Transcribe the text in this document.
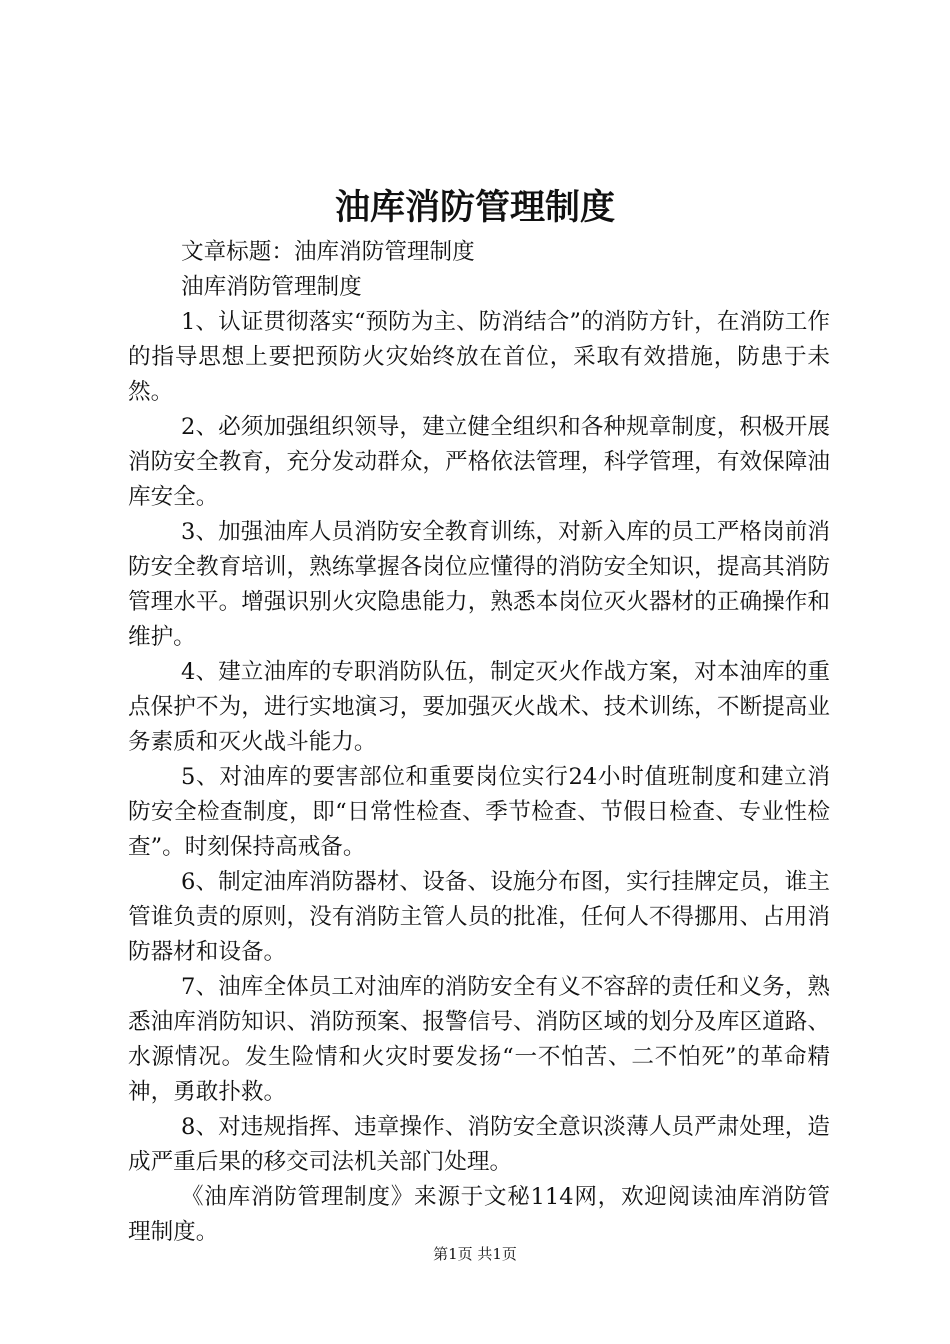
油库消防管理制度

文章标题：油库消防管理制度

油库消防管理制度

1、认证贯彻落实“预防为主、防消结合”的消防方针，在消防工作的指导思想上要把预防火灾始终放在首位，采取有效措施，防患于未然。

2、必须加强组织领导，建立健全组织和各种规章制度，积极开展消防安全教育，充分发动群众，严格依法管理，科学管理，有效保障油库安全。

3、加强油库人员消防安全教育训练，对新入库的员工严格岗前消防安全教育培训，熟练掌握各岗位应懂得的消防安全知识，提高其消防管理水平。增强识别火灾隐患能力，熟悉本岗位灭火器材的正确操作和维护。

4、建立油库的专职消防队伍，制定灭火作战方案，对本油库的重点保护不为，进行实地演习，要加强灭火战术、技术训练，不断提高业务素质和灭火战斗能力。

5、对油库的要害部位和重要岗位实行24小时值班制度和建立消防安全检查制度，即“日常性检查、季节检查、节假日检查、专业性检查”。时刻保持高戒备。

6、制定油库消防器材、设备、设施分布图，实行挂牌定员，谁主管谁负责的原则，没有消防主管人员的批准，任何人不得挪用、占用消防器材和设备。

7、油库全体员工对油库的消防安全有义不容辞的责任和义务，熟悉油库消防知识、消防预案、报警信号、消防区域的划分及库区道路、水源情况。发生险情和火灾时要发扬“一不怕苦、二不怕死”的革命精神，勇敢扑救。

8、对违规指挥、违章操作、消防安全意识淡薄人员严肃处理，造成严重后果的移交司法机关部门处理。

《油库消防管理制度》来源于文秘114网，欢迎阅读油库消防管理制度。

第1页 共1页
